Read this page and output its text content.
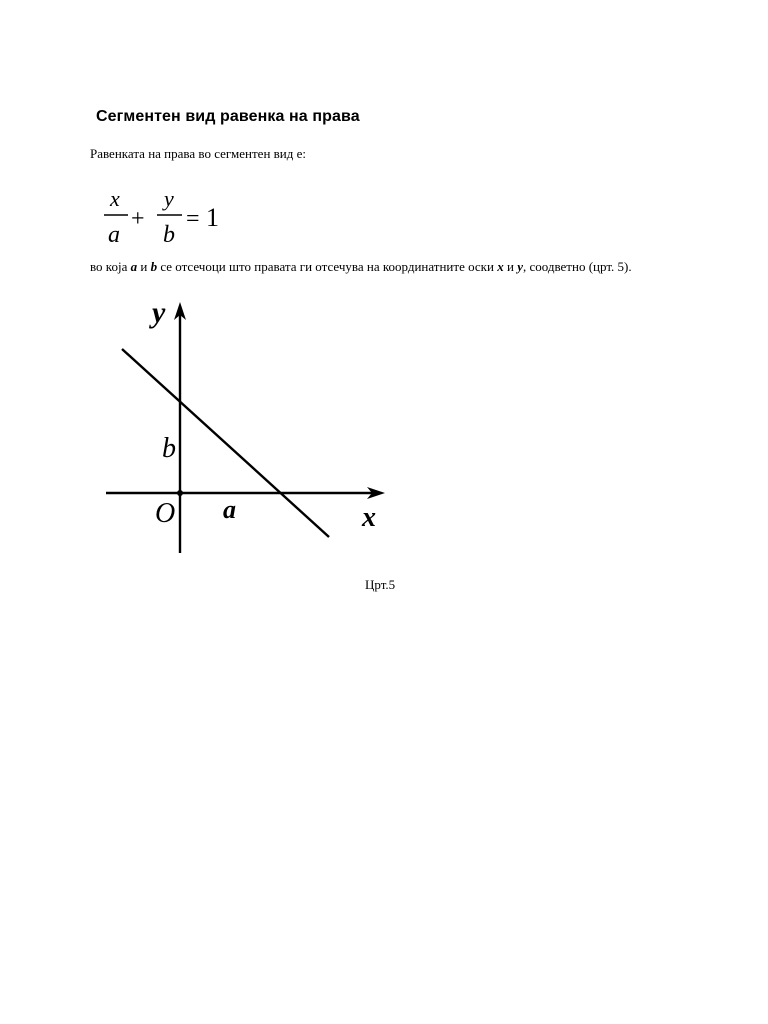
Сегментен вид равенка на права

Равенката на права во сегментен вид е:

x
a
+
y
b
= 1

во која a и b се отсечоци што правата ги отсечува на координатните оски x и y, соодветно (црт. 5).

y
x
b
O a

Црт.5
